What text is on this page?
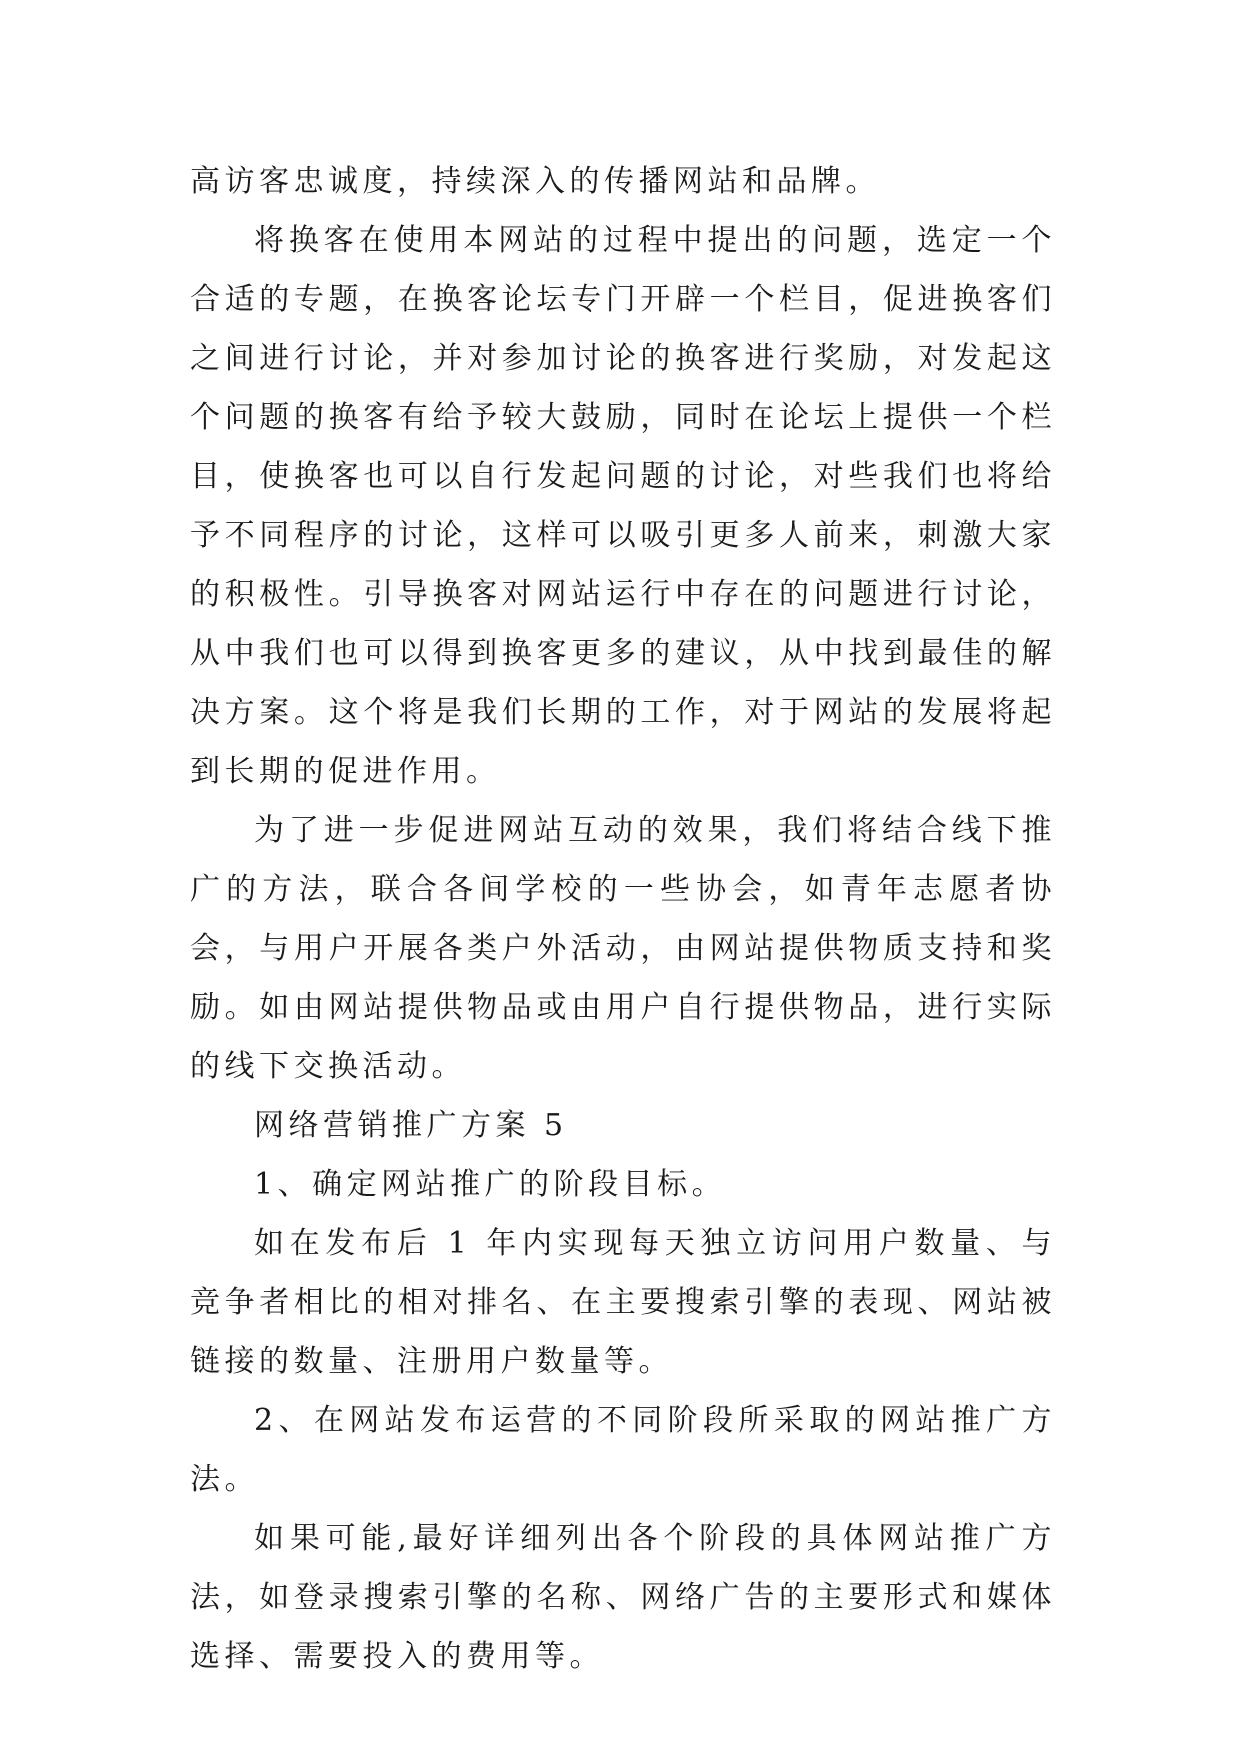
高访客忠诚度，持续深入的传播网站和品牌。

将换客在使用本网站的过程中提出的问题，选定一个合适的专题，在换客论坛专门开辟一个栏目，促进换客们之间进行讨论，并对参加讨论的换客进行奖励，对发起这个问题的换客有给予较大鼓励，同时在论坛上提供一个栏目，使换客也可以自行发起问题的讨论，对些我们也将给予不同程序的讨论，这样可以吸引更多人前来，刺激大家的积极性。引导换客对网站运行中存在的问题进行讨论，从中我们也可以得到换客更多的建议，从中找到最佳的解决方案。这个将是我们长期的工作，对于网站的发展将起到长期的促进作用。

为了进一步促进网站互动的效果，我们将结合线下推广的方法，联合各间学校的一些协会，如青年志愿者协会，与用户开展各类户外活动，由网站提供物质支持和奖励。如由网站提供物品或由用户自行提供物品，进行实际的线下交换活动。

网络营销推广方案 5

1、确定网站推广的阶段目标。

如在发布后 1 年内实现每天独立访问用户数量、与竞争者相比的相对排名、在主要搜索引擎的表现、网站被链接的数量、注册用户数量等。

2、在网站发布运营的不同阶段所采取的网站推广方法。

如果可能,最好详细列出各个阶段的具体网站推广方法，如登录搜索引擎的名称、网络广告的主要形式和媒体选择、需要投入的费用等。
